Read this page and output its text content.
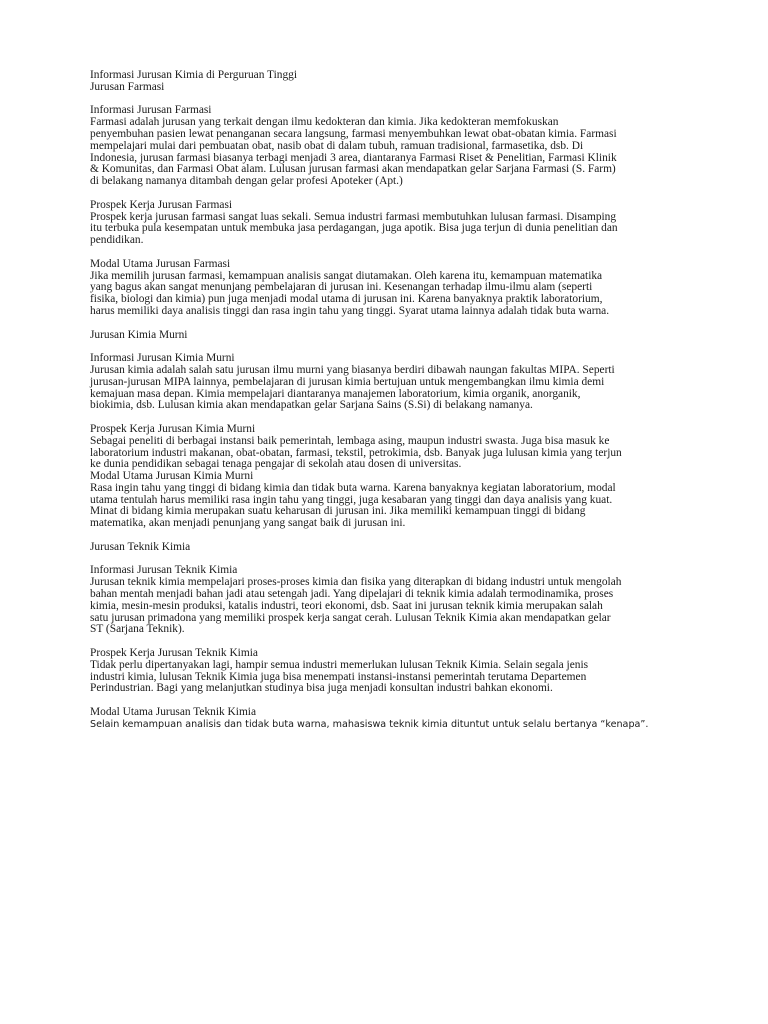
Informasi Jurusan Kimia di Perguruan Tinggi

Jurusan Farmasi

Informasi Jurusan Farmasi

Farmasi adalah jurusan yang terkait dengan ilmu kedokteran dan kimia. Jika kedokteran memfokuskan
penyembuhan pasien lewat penanganan secara langsung, farmasi menyembuhkan lewat obat-obatan kimia. Farmasi
mempelajari mulai dari pembuatan obat, nasib obat di dalam tubuh, ramuan tradisional, farmasetika, dsb. Di
Indonesia, jurusan farmasi biasanya terbagi menjadi 3 area, diantaranya Farmasi Riset & Penelitian, Farmasi Klinik
& Komunitas, dan Farmasi Obat alam. Lulusan jurusan farmasi akan mendapatkan gelar Sarjana Farmasi (S. Farm)
di belakang namanya ditambah dengan gelar profesi Apoteker (Apt.)

Prospek Kerja Jurusan Farmasi

Prospek kerja jurusan farmasi sangat luas sekali. Semua industri farmasi membutuhkan lulusan farmasi. Disamping
itu terbuka pula kesempatan untuk membuka jasa perdagangan, juga apotik. Bisa juga terjun di dunia penelitian dan
pendidikan.

Modal Utama Jurusan Farmasi

Jika memilih jurusan farmasi, kemampuan analisis sangat diutamakan. Oleh karena itu, kemampuan matematika
yang bagus akan sangat menunjang pembelajaran di jurusan ini. Kesenangan terhadap ilmu-ilmu alam (seperti
fisika, biologi dan kimia) pun juga menjadi modal utama di jurusan ini. Karena banyaknya praktik laboratorium,
harus memiliki daya analisis tinggi dan rasa ingin tahu yang tinggi. Syarat utama lainnya adalah tidak buta warna.

Jurusan Kimia Murni

Informasi Jurusan Kimia Murni

Jurusan kimia adalah salah satu jurusan ilmu murni yang biasanya berdiri dibawah naungan fakultas MIPA. Seperti
jurusan-jurusan MIPA lainnya, pembelajaran di jurusan kimia bertujuan untuk mengembangkan ilmu kimia demi
kemajuan masa depan. Kimia mempelajari diantaranya manajemen laboratorium, kimia organik, anorganik,
biokimia, dsb. Lulusan kimia akan mendapatkan gelar Sarjana Sains (S.Si) di belakang namanya.

Prospek Kerja Jurusan Kimia Murni

Sebagai peneliti di berbagai instansi baik pemerintah, lembaga asing, maupun industri swasta. Juga bisa masuk ke
laboratorium industri makanan, obat-obatan, farmasi, tekstil, petrokimia, dsb. Banyak juga lulusan kimia yang terjun
ke dunia pendidikan sebagai tenaga pengajar di sekolah atau dosen di universitas.

Modal Utama Jurusan Kimia Murni

Rasa ingin tahu yang tinggi di bidang kimia dan tidak buta warna. Karena banyaknya kegiatan laboratorium, modal
utama tentulah harus memiliki rasa ingin tahu yang tinggi, juga kesabaran yang tinggi dan daya analisis yang kuat.
Minat di bidang kimia merupakan suatu keharusan di jurusan ini. Jika memiliki kemampuan tinggi di bidang
matematika, akan menjadi penunjang yang sangat baik di jurusan ini.

Jurusan Teknik Kimia

Informasi Jurusan Teknik Kimia

Jurusan teknik kimia mempelajari proses-proses kimia dan fisika yang diterapkan di bidang industri untuk mengolah
bahan mentah menjadi bahan jadi atau setengah jadi. Yang dipelajari di teknik kimia adalah termodinamika, proses
kimia, mesin-mesin produksi, katalis industri, teori ekonomi, dsb. Saat ini jurusan teknik kimia merupakan salah
satu jurusan primadona yang memiliki prospek kerja sangat cerah. Lulusan Teknik Kimia akan mendapatkan gelar
ST (Sarjana Teknik).

Prospek Kerja Jurusan Teknik Kimia

Tidak perlu dipertanyakan lagi, hampir semua industri memerlukan lulusan Teknik Kimia. Selain segala jenis
industri kimia, lulusan Teknik Kimia juga bisa menempati instansi-instansi pemerintah terutama Departemen
Perindustrian. Bagi yang melanjutkan studinya bisa juga menjadi konsultan industri bahkan ekonomi.

Modal Utama Jurusan Teknik Kimia

Selain kemampuan analisis dan tidak buta warna, mahasiswa teknik kimia dituntut untuk selalu bertanya “kenapa”.
